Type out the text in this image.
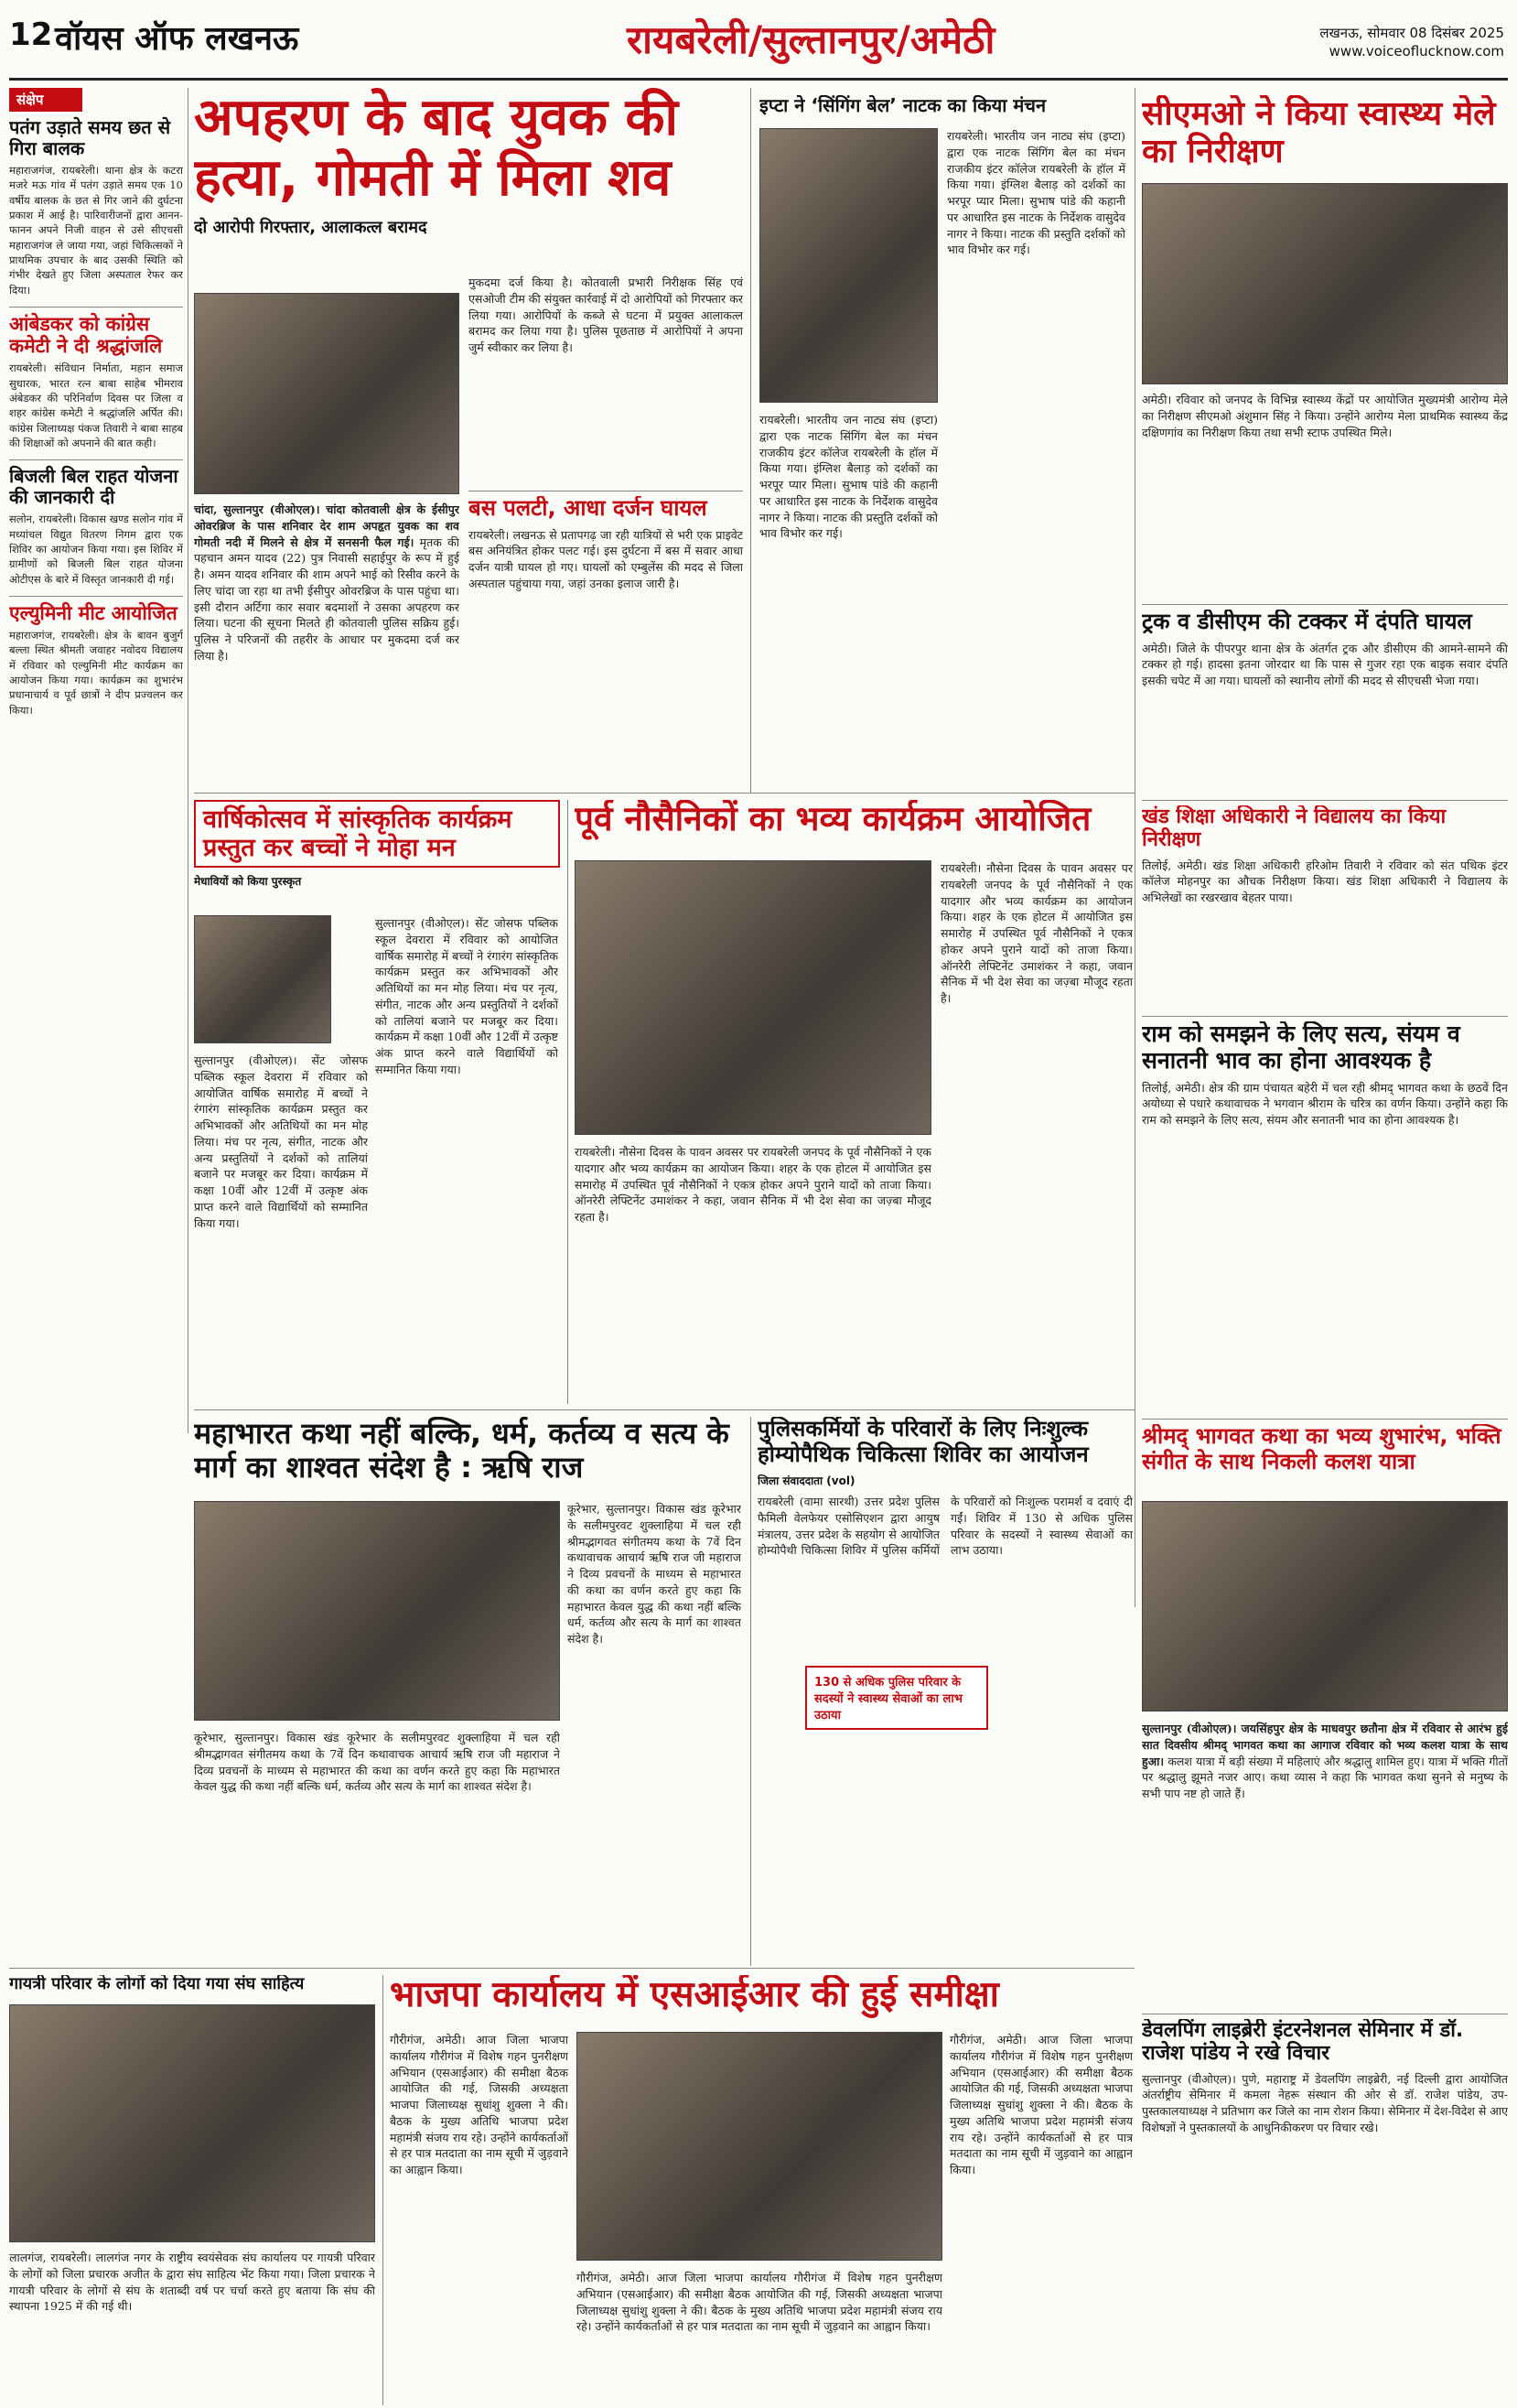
12 वॉयस ऑफ लखनऊ	रायबरेली/सुल्तानपुर/अमेठी	लखनऊ, सोमवार 08 दिसंबर 2025
www.voiceoflucknow.com
संक्षेप
पतंग उड़ाते समय छत से गिरा बालक
महाराजगंज, रायबरेली। थाना क्षेत्र के कटरा मजरे मऊ गांव में पतंग उड़ाते समय एक 10 वर्षीय बालक के छत से गिर जाने की दुर्घटना प्रकाश में आई है। पारिवारीजनों द्वारा आनन-फानन अपने निजी वाहन से उसे सीएचसी महाराजगंज ले जाया गया, जहां चिकित्सकों ने प्राथमिक उपचार के बाद उसकी स्थिति को गंभीर देखते हुए जिला अस्पताल रेफर कर दिया।
आंबेडकर को कांग्रेस कमेटी ने दी श्रद्धांजलि
रायबरेली। संविधान निर्माता, महान समाज सुधारक, भारत रत्न बाबा साहेब भीमराव अंबेडकर की परिनिर्वाण दिवस पर जिला व शहर कांग्रेस कमेटी ने श्रद्धांजलि अर्पित की। कांग्रेस जिलाध्यक्ष पंकज तिवारी ने बाबा साहब की शिक्षाओं को अपनाने की बात कही।
बिजली बिल राहत योजना की जानकारी दी
सलोन, रायबरेली। विकास खण्ड सलोन गांव में मध्यांचल विद्युत वितरण निगम द्वारा एक शिविर का आयोजन किया गया। इस शिविर में ग्रामीणों को बिजली बिल राहत योजना ओटीएस के बारे में विस्तृत जानकारी दी गई।
एल्युमिनी मीट आयोजित
महाराजगंज, रायबरेली। क्षेत्र के बावन बुजुर्ग बल्ला स्थित श्रीमती जवाहर नवोदय विद्यालय में रविवार को एल्युमिनी मीट कार्यक्रम का आयोजन किया गया। कार्यक्रम का शुभारंभ प्रधानाचार्य व पूर्व छात्रों ने दीप प्रज्वलन कर किया।
अपहरण के बाद युवक की हत्या, गोमती में मिला शव
दो आरोपी गिरफ्तार, आलाकत्ल बरामद
चांदा, सुल्तानपुर (वीओएल)। चांदा कोतवाली क्षेत्र के ईसीपुर ओवरब्रिज के पास शनिवार देर शाम अपहृत युवक का शव गोमती नदी में मिलने से क्षेत्र में सनसनी फैल गई। मृतक की पहचान अमन यादव (22) पुत्र निवासी सहाईपुर के रूप में हुई है। अमन यादव शनिवार की शाम अपने भाई को रिसीव करने के लिए चांदा जा रहा था तभी ईसीपुर ओवरब्रिज के पास पहुंचा था। इसी दौरान अर्टिगा कार सवार बदमाशों ने उसका अपहरण कर लिया। घटना की सूचना मिलते ही कोतवाली पुलिस सक्रिय हुई। पुलिस ने परिजनों की तहरीर के आधार पर मुकदमा दर्ज कर लिया है।
मुकदमा दर्ज किया है। कोतवाली प्रभारी निरीक्षक सिंह एवं एसओजी टीम की संयुक्त कार्रवाई में दो आरोपियों को गिरफ्तार कर लिया गया। आरोपियों के कब्जे से घटना में प्रयुक्त आलाकत्ल बरामद कर लिया गया है। पुलिस पूछताछ में आरोपियों ने अपना जुर्म स्वीकार कर लिया है।
बस पलटी, आधा दर्जन घायल
रायबरेली। लखनऊ से प्रतापगढ़ जा रही यात्रियों से भरी एक प्राइवेट बस अनियंत्रित होकर पलट गई। इस दुर्घटना में बस में सवार आधा दर्जन यात्री घायल हो गए। घायलों को एम्बुलेंस की मदद से जिला अस्पताल पहुंचाया गया, जहां उनका इलाज जारी है।
इप्टा ने ‘सिंगिंग बेल’ नाटक का किया मंचन
रायबरेली। भारतीय जन नाट्य संघ (इप्टा) द्वारा एक नाटक सिंगिंग बेल का मंचन राजकीय इंटर कॉलेज रायबरेली के हॉल में किया गया। इंग्लिश बैलाड़ को दर्शकों का भरपूर प्यार मिला। सुभाष पांडे की कहानी पर आधारित इस नाटक के निर्देशक वासुदेव नागर ने किया। नाटक की प्रस्तुति दर्शकों को भाव विभोर कर गई।
रायबरेली। भारतीय जन नाट्य संघ (इप्टा) द्वारा एक नाटक सिंगिंग बेल का मंचन राजकीय इंटर कॉलेज रायबरेली के हॉल में किया गया। इंग्लिश बैलाड़ को दर्शकों का भरपूर प्यार मिला। सुभाष पांडे की कहानी पर आधारित इस नाटक के निर्देशक वासुदेव नागर ने किया। नाटक की प्रस्तुति दर्शकों को भाव विभोर कर गई।
सीएमओ ने किया स्वास्थ्य मेले का निरीक्षण
अमेठी। रविवार को जनपद के विभिन्न स्वास्थ्य केंद्रों पर आयोजित मुख्यमंत्री आरोग्य मेले का निरीक्षण सीएमओ अंशुमान सिंह ने किया। उन्होंने आरोग्य मेला प्राथमिक स्वास्थ्य केंद्र दक्षिणगांव का निरीक्षण किया तथा सभी स्टाफ उपस्थित मिले।
ट्रक व डीसीएम की टक्कर में दंपति घायल
अमेठी। जिले के पीपरपुर थाना क्षेत्र के अंतर्गत ट्रक और डीसीएम की आमने-सामने की टक्कर हो गई। हादसा इतना जोरदार था कि पास से गुजर रहा एक बाइक सवार दंपति इसकी चपेट में आ गया। घायलों को स्थानीय लोगों की मदद से सीएचसी भेजा गया।
वार्षिकोत्सव में सांस्कृतिक कार्यक्रम प्रस्तुत कर बच्चों ने मोहा मन
मेधावियों को किया पुरस्कृत
सुल्तानपुर (वीओएल)। सेंट जोसफ पब्लिक स्कूल देवरारा में रविवार को आयोजित वार्षिक समारोह में बच्चों ने रंगारंग सांस्कृतिक कार्यक्रम प्रस्तुत कर अभिभावकों और अतिथियों का मन मोह लिया। मंच पर नृत्य, संगीत, नाटक और अन्य प्रस्तुतियों ने दर्शकों को तालियां बजाने पर मजबूर कर दिया। कार्यक्रम में कक्षा 10वीं और 12वीं में उत्कृष्ट अंक प्राप्त करने वाले विद्यार्थियों को सम्मानित किया गया।
सुल्तानपुर (वीओएल)। सेंट जोसफ पब्लिक स्कूल देवरारा में रविवार को आयोजित वार्षिक समारोह में बच्चों ने रंगारंग सांस्कृतिक कार्यक्रम प्रस्तुत कर अभिभावकों और अतिथियों का मन मोह लिया। मंच पर नृत्य, संगीत, नाटक और अन्य प्रस्तुतियों ने दर्शकों को तालियां बजाने पर मजबूर कर दिया। कार्यक्रम में कक्षा 10वीं और 12वीं में उत्कृष्ट अंक प्राप्त करने वाले विद्यार्थियों को सम्मानित किया गया।
पूर्व नौसैनिकों का भव्य कार्यक्रम आयोजित
रायबरेली। नौसेना दिवस के पावन अवसर पर रायबरेली जनपद के पूर्व नौसैनिकों ने एक यादगार और भव्य कार्यक्रम का आयोजन किया। शहर के एक होटल में आयोजित इस समारोह में उपस्थित पूर्व नौसैनिकों ने एकत्र होकर अपने पुराने यादों को ताजा किया। ऑनरेरी लेफ्टिनेंट उमाशंकर ने कहा, जवान सैनिक में भी देश सेवा का जज़्बा मौजूद रहता है।
रायबरेली। नौसेना दिवस के पावन अवसर पर रायबरेली जनपद के पूर्व नौसैनिकों ने एक यादगार और भव्य कार्यक्रम का आयोजन किया। शहर के एक होटल में आयोजित इस समारोह में उपस्थित पूर्व नौसैनिकों ने एकत्र होकर अपने पुराने यादों को ताजा किया। ऑनरेरी लेफ्टिनेंट उमाशंकर ने कहा, जवान सैनिक में भी देश सेवा का जज़्बा मौजूद रहता है।
खंड शिक्षा अधिकारी ने विद्यालय का किया निरीक्षण
तिलोई, अमेठी। खंड शिक्षा अधिकारी हरिओम तिवारी ने रविवार को संत पथिक इंटर कॉलेज मोहनपुर का औचक निरीक्षण किया। खंड शिक्षा अधिकारी ने विद्यालय के अभिलेखों का रखरखाव बेहतर पाया।
राम को समझने के लिए सत्य, संयम व सनातनी भाव का होना आवश्यक है
तिलोई, अमेठी। क्षेत्र की ग्राम पंचायत बहेरी में चल रही श्रीमद् भागवत कथा के छठवें दिन अयोध्या से पधारे कथावाचक ने भगवान श्रीराम के चरित्र का वर्णन किया। उन्होंने कहा कि राम को समझने के लिए सत्य, संयम और सनातनी भाव का होना आवश्यक है।
महाभारत कथा नहीं बल्कि, धर्म, कर्तव्य व सत्य के मार्ग का शाश्वत संदेश है : ऋषि राज
कूरेभार, सुल्तानपुर। विकास खंड कूरेभार के सलीमपुरवट शुक्लाहिया में चल रही श्रीमद्भागवत संगीतमय कथा के 7वें दिन कथावाचक आचार्य ऋषि राज जी महाराज ने दिव्य प्रवचनों के माध्यम से महाभारत की कथा का वर्णन करते हुए कहा कि महाभारत केवल युद्ध की कथा नहीं बल्कि धर्म, कर्तव्य और सत्य के मार्ग का शाश्वत संदेश है।
कूरेभार, सुल्तानपुर। विकास खंड कूरेभार के सलीमपुरवट शुक्लाहिया में चल रही श्रीमद्भागवत संगीतमय कथा के 7वें दिन कथावाचक आचार्य ऋषि राज जी महाराज ने दिव्य प्रवचनों के माध्यम से महाभारत की कथा का वर्णन करते हुए कहा कि महाभारत केवल युद्ध की कथा नहीं बल्कि धर्म, कर्तव्य और सत्य के मार्ग का शाश्वत संदेश है।
पुलिसकर्मियों के परिवारों के लिए निःशुल्क होम्योपैथिक चिकित्सा शिविर का आयोजन
जिला संवाददाता (vol)
रायबरेली (वामा सारथी) उत्तर प्रदेश पुलिस फैमिली वेलफेयर एसोसिएशन द्वारा आयुष मंत्रालय, उत्तर प्रदेश के सहयोग से आयोजित होम्योपैथी चिकित्सा शिविर में पुलिस कर्मियों के परिवारों को निःशुल्क परामर्श व दवाएं दी गईं। शिविर में 130 से अधिक पुलिस परिवार के सदस्यों ने स्वास्थ्य सेवाओं का लाभ उठाया।
130 से अधिक पुलिस परिवार के सदस्यों ने स्वास्थ्य सेवाओं का लाभ उठाया
श्रीमद् भागवत कथा का भव्य शुभारंभ, भक्ति संगीत के साथ निकली कलश यात्रा
सुल्तानपुर (वीओएल)। जयसिंहपुर क्षेत्र के माधवपुर छतौना क्षेत्र में रविवार से आरंभ हुई सात दिवसीय श्रीमद् भागवत कथा का आगाज रविवार को भव्य कलश यात्रा के साथ हुआ। कलश यात्रा में बड़ी संख्या में महिलाएं और श्रद्धालु शामिल हुए। यात्रा में भक्ति गीतों पर श्रद्धालु झूमते नजर आए। कथा व्यास ने कहा कि भागवत कथा सुनने से मनुष्य के सभी पाप नष्ट हो जाते हैं।
गायत्री परिवार के लोगों को दिया गया संघ साहित्य
लालगंज, रायबरेली। लालगंज नगर के राष्ट्रीय स्वयंसेवक संघ कार्यालय पर गायत्री परिवार के लोगों को जिला प्रचारक अजीत के द्वारा संघ साहित्य भेंट किया गया। जिला प्रचारक ने गायत्री परिवार के लोगों से संघ के शताब्दी वर्ष पर चर्चा करते हुए बताया कि संघ की स्थापना 1925 में की गई थी।
भाजपा कार्यालय में एसआईआर की हुई समीक्षा
गौरीगंज, अमेठी। आज जिला भाजपा कार्यालय गौरीगंज में विशेष गहन पुनरीक्षण अभियान (एसआईआर) की समीक्षा बैठक आयोजित की गई, जिसकी अध्यक्षता भाजपा जिलाध्यक्ष सुधांशु शुक्ला ने की। बैठक के मुख्य अतिथि भाजपा प्रदेश महामंत्री संजय राय रहे। उन्होंने कार्यकर्ताओं से हर पात्र मतदाता का नाम सूची में जुड़वाने का आह्वान किया।
गौरीगंज, अमेठी। आज जिला भाजपा कार्यालय गौरीगंज में विशेष गहन पुनरीक्षण अभियान (एसआईआर) की समीक्षा बैठक आयोजित की गई, जिसकी अध्यक्षता भाजपा जिलाध्यक्ष सुधांशु शुक्ला ने की। बैठक के मुख्य अतिथि भाजपा प्रदेश महामंत्री संजय राय रहे। उन्होंने कार्यकर्ताओं से हर पात्र मतदाता का नाम सूची में जुड़वाने का आह्वान किया।
गौरीगंज, अमेठी। आज जिला भाजपा कार्यालय गौरीगंज में विशेष गहन पुनरीक्षण अभियान (एसआईआर) की समीक्षा बैठक आयोजित की गई, जिसकी अध्यक्षता भाजपा जिलाध्यक्ष सुधांशु शुक्ला ने की। बैठक के मुख्य अतिथि भाजपा प्रदेश महामंत्री संजय राय रहे। उन्होंने कार्यकर्ताओं से हर पात्र मतदाता का नाम सूची में जुड़वाने का आह्वान किया।
डेवलपिंग लाइब्रेरी इंटरनेशनल सेमिनार में डॉ. राजेश पांडेय ने रखे विचार
सुल्तानपुर (वीओएल)। पुणे, महाराष्ट्र में डेवलपिंग लाइब्रेरी, नई दिल्ली द्वारा आयोजित अंतर्राष्ट्रीय सेमिनार में कमला नेहरू संस्थान की ओर से डॉ. राजेश पांडेय, उप-पुस्तकालयाध्यक्ष ने प्रतिभाग कर जिले का नाम रोशन किया। सेमिनार में देश-विदेश से आए विशेषज्ञों ने पुस्तकालयों के आधुनिकीकरण पर विचार रखे।
